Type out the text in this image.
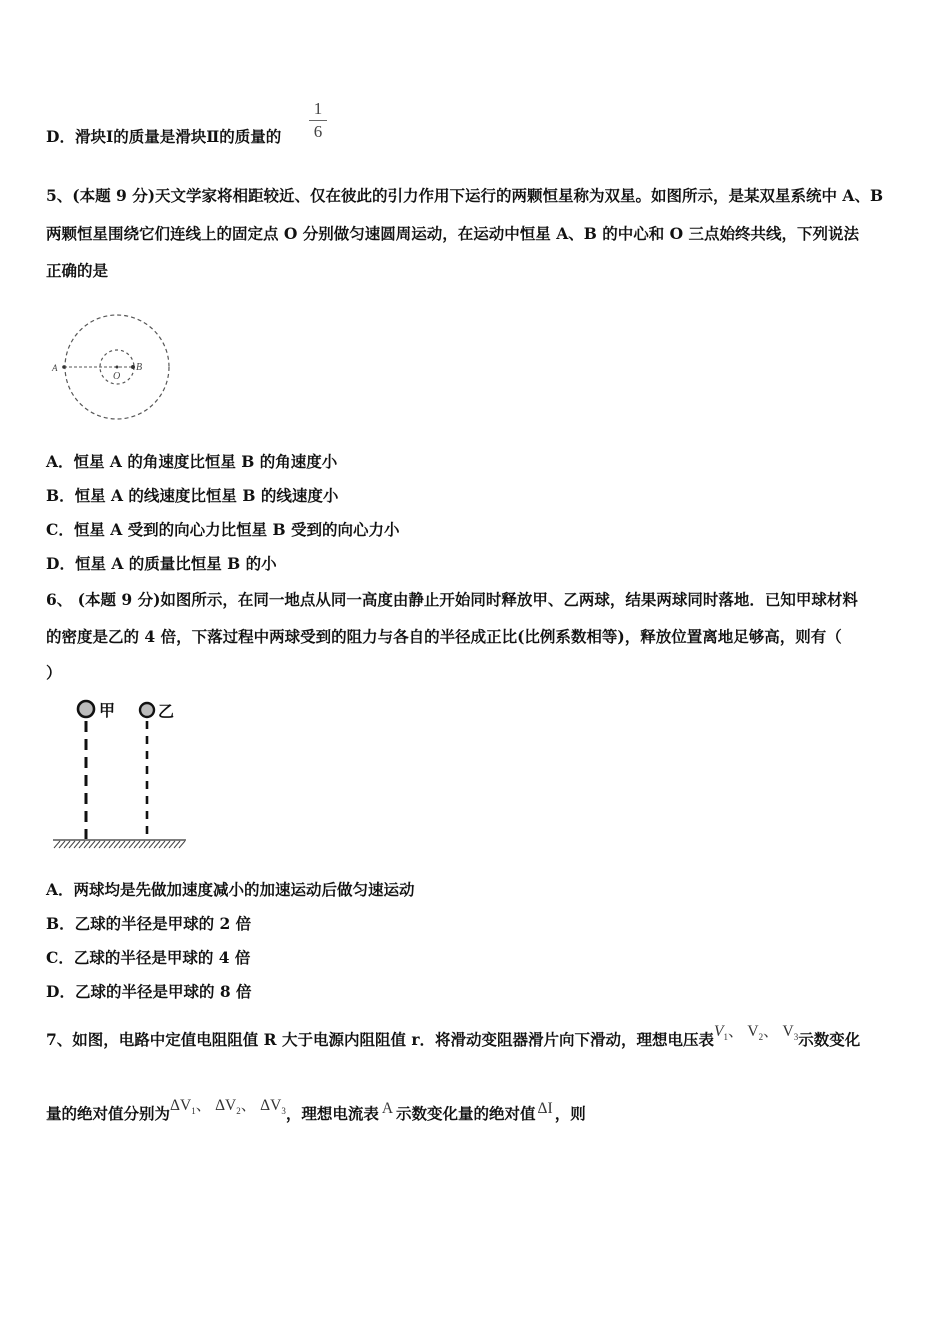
D．滑块Ⅰ的质量是滑块Ⅱ的质量的
1
6
5、(本题 9 分)天文学家将相距较近、仅在彼此的引力作用下运行的两颗恒星称为双星。如图所示，是某双星系统中 A、B
两颗恒星围绕它们连线上的固定点 O 分别做匀速圆周运动，在运动中恒星 A、B 的中心和 O 三点始终共线，下列说法
正确的是
A
O
B
A．恒星 A 的角速度比恒星 B 的角速度小
B．恒星 A 的线速度比恒星 B 的线速度小
C．恒星 A 受到的向心力比恒星 B 受到的向心力小
D．恒星 A 的质量比恒星 B 的小
6、 (本题 9 分)如图所示，在同一地点从同一高度由静止开始同时释放甲、乙两球，结果两球同时落地．已知甲球材料
的密度是乙的 4 倍，下落过程中两球受到的阻力与各自的半径成正比(比例系数相等)，释放位置离地足够高，则有（
）
甲	乙
A．两球均是先做加速度减小的加速运动后做匀速运动
B．乙球的半径是甲球的 2 倍
C．乙球的半径是甲球的 4 倍
D．乙球的半径是甲球的 8 倍
7、如图，电路中定值电阻阻值 R 大于电源内阻阻值 r．将滑动变阻器滑片向下滑动，理想电压表$V_1$、 $V_2$、 $V_3$示数变化
量的绝对值分别为$\Delta V_1$、 $\Delta V_2$、 $\Delta V_3$，理想电流表 A 示数变化量的绝对值 ΔI ，则
